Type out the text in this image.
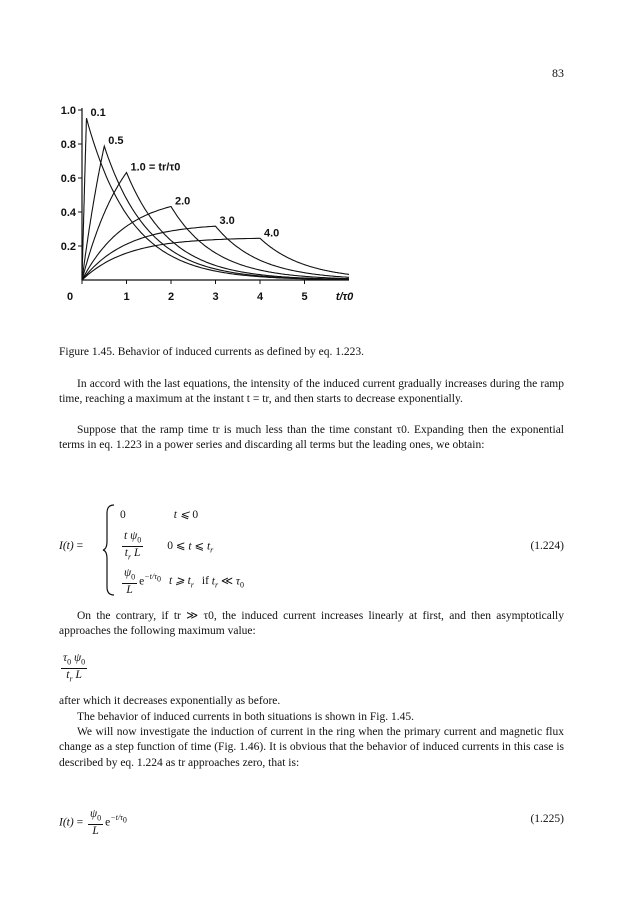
83
1.0
0.8
0.6
0.4
0.2
0	1	2	3	4	5	t/τ0
0.1
0.5
1.0 = tr/τ0
2.0
3.0
4.0
Figure 1.45. Behavior of induced currents as defined by eq. 1.223.
In accord with the last equations, the intensity of the induced current gradually increases during the ramp time, reaching a maximum at the instant t = tr, and then starts to decrease exponentially.
Suppose that the ramp time tr is much less than the time constant τ0. Expanding then the exponential terms in eq. 1.223 in a power series and discarding all terms but the leading ones, we obtain:
I(t) =
0	t ⩽ 0
$\frac{t \psi_0}{t_r L} 0$ ⩽ t ⩽ $t_r$
$\frac{\psi_0}{L} e^{-t/\tau_0}$ t ⩾ $t_r$ if $t_r$ ≪ $\tau_0$
(1.224)
On the contrary, if tr ≫ τ0, the induced current increases linearly at first, and then asymptotically approaches the following maximum value:
$\frac{\tau_0 \psi_0}{t_r L}$
after which it decreases exponentially as before.
The behavior of induced currents in both situations is shown in Fig. 1.45.
We will now investigate the induction of current in the ring when the primary current and magnetic flux change as a step function of time (Fig. 1.46). It is obvious that the behavior of induced currents in this case is described by eq. 1.224 as tr approaches zero, that is:
$I(t) = \frac{\psi_0}{L} e^{-t/\tau_0}$	(1.225)
